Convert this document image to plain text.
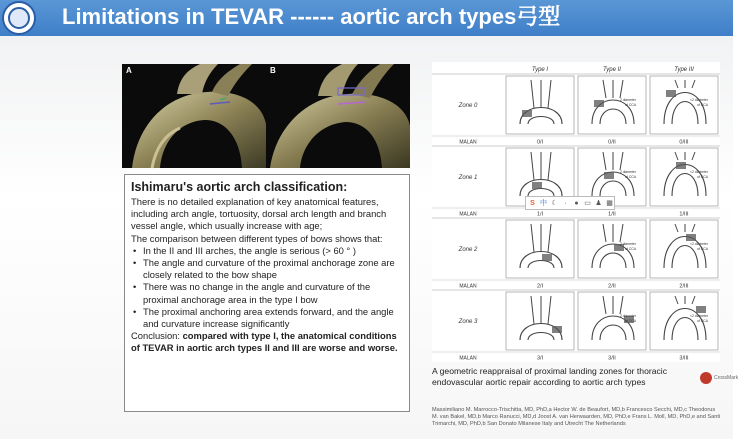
Limitations in TEVAR ------ aortic arch types弓型
A	B
Ishimaru's aortic arch classification:
There is no detailed explanation of key anatomical features, including arch angle, tortuosity, dorsal arch length and branch vessel angle, which usually increase with age;
The comparison between different types of bows shows that:
• In the II and III arches, the angle is serious (> 60 ° )
• The angle and curvature of the proximal anchorage zone are closely related to the bow shape
• There was no change in the angle and curvature of the proximal anchorage area in the type I bow
• The proximal anchoring area extends forward, and the angle and curvature increase significantly
Conclusion: compared with type I, the anatomical conditions of TEVAR in aortic arch types II and III are worse and worse.
Type I	Type II	Type III
Zone 0
2 diameter
of CCA
<2 diameter
of CCA
MALAN	0/I	0/II	0/III
Zone 1
2 diameter
of CCA
<2 diameter
of CCA
MALAN	1/I	1/II	1/III
Zone 2
2 diameter
of CCA
<2 diameter
of CCA
MALAN	2/I	2/II	2/III
Zone 3
2 diameter
of CCA
<2 diameter
of CCA
MALAN	3/I	3/II	3/III
S 中 ☾ ·	● ▭ ♟ ▦
A geometric reappraisal of proximal landing zones for thoracic endovascular aortic repair according to aortic arch types	CrossMark
Massimiliano M. Marrocco-Trischitta, MD, PhD,a Hector W. de Beaufort, MD,b Francesco Secchi, MD,c Theodorus M. van Bakel, MD,b Marco Ranucci, MD,d Joost A. van Herwaarden, MD, PhD,e Frans L. Moll, MD, PhD,e and Santi Trimarchi, MD, PhD,b San Donato Milanese Italy and Utrecht The Netherlands
